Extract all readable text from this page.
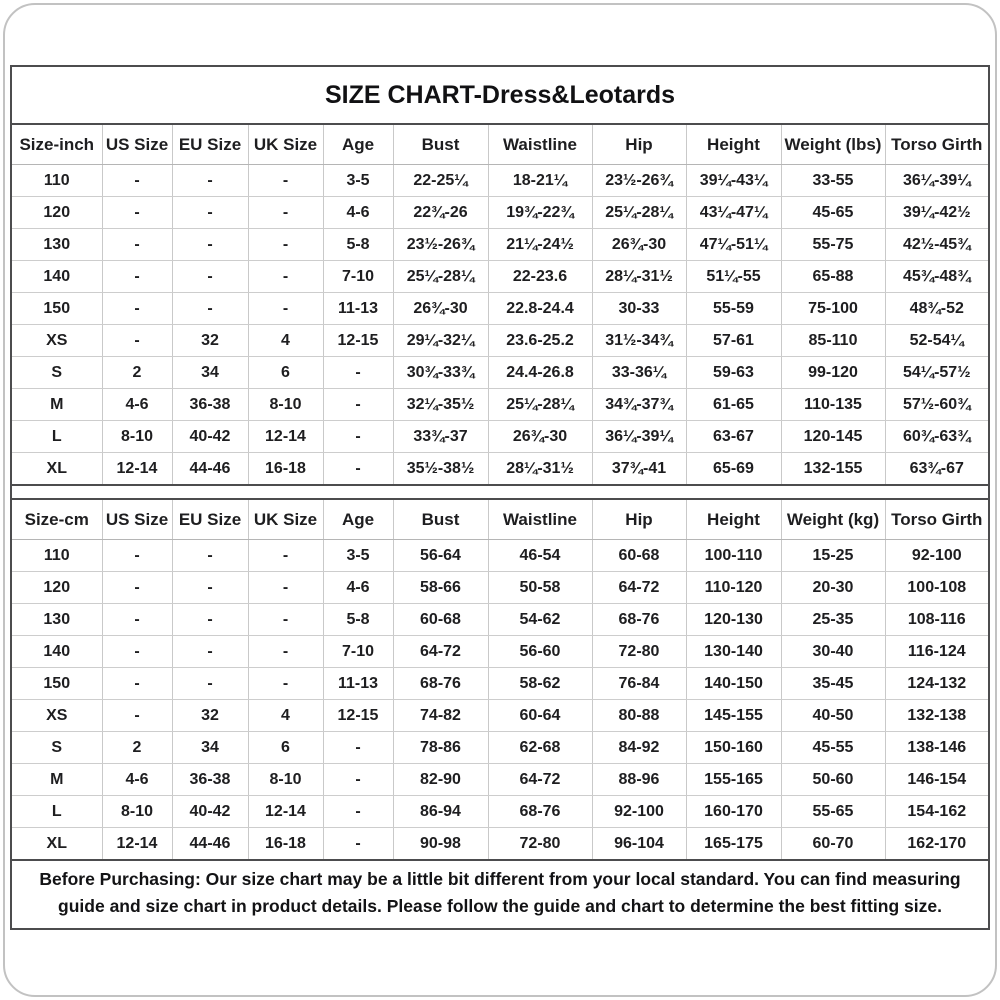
SIZE CHART-Dress&Leotards
Size-inch	US Size	EU Size	UK Size	Age	Bust	Waistline	Hip	Height	Weight (lbs)	Torso Girth
110	-	-	-	3-5	22-25¼	18-21¼	23½-26¾	39¼-43¼	33-55	36¼-39¼
120	-	-	-	4-6	22¾-26	19¾-22¾	25¼-28¼	43¼-47¼	45-65	39¼-42½
130	-	-	-	5-8	23½-26¾	21¼-24½	26¾-30	47¼-51¼	55-75	42½-45¾
140	-	-	-	7-10	25¼-28¼	22-23.6	28¼-31½	51¼-55	65-88	45¾-48¾
150	-	-	-	11-13	26¾-30	22.8-24.4	30-33	55-59	75-100	48¾-52
XS	-	32	4	12-15	29¼-32¼	23.6-25.2	31½-34¾	57-61	85-110	52-54¼
S	2	34	6	-	30¾-33¾	24.4-26.8	33-36¼	59-63	99-120	54¼-57½
M	4-6	36-38	8-10	-	32¼-35½	25¼-28¼	34¾-37¾	61-65	110-135	57½-60¾
L	8-10	40-42	12-14	-	33¾-37	26¾-30	36¼-39¼	63-67	120-145	60¾-63¾
XL	12-14	44-46	16-18	-	35½-38½	28¼-31½	37¾-41	65-69	132-155	63¾-67
Size-cm	US Size	EU Size	UK Size	Age	Bust	Waistline	Hip	Height	Weight (kg)	Torso Girth
110	-	-	-	3-5	56-64	46-54	60-68	100-110	15-25	92-100
120	-	-	-	4-6	58-66	50-58	64-72	110-120	20-30	100-108
130	-	-	-	5-8	60-68	54-62	68-76	120-130	25-35	108-116
140	-	-	-	7-10	64-72	56-60	72-80	130-140	30-40	116-124
150	-	-	-	11-13	68-76	58-62	76-84	140-150	35-45	124-132
XS	-	32	4	12-15	74-82	60-64	80-88	145-155	40-50	132-138
S	2	34	6	-	78-86	62-68	84-92	150-160	45-55	138-146
M	4-6	36-38	8-10	-	82-90	64-72	88-96	155-165	50-60	146-154
L	8-10	40-42	12-14	-	86-94	68-76	92-100	160-170	55-65	154-162
XL	12-14	44-46	16-18	-	90-98	72-80	96-104	165-175	60-70	162-170
Before Purchasing: Our size chart may be a little bit different from your local standard. You can find measuring guide and size chart in product details. Please follow the guide and chart to determine the best fitting size.
